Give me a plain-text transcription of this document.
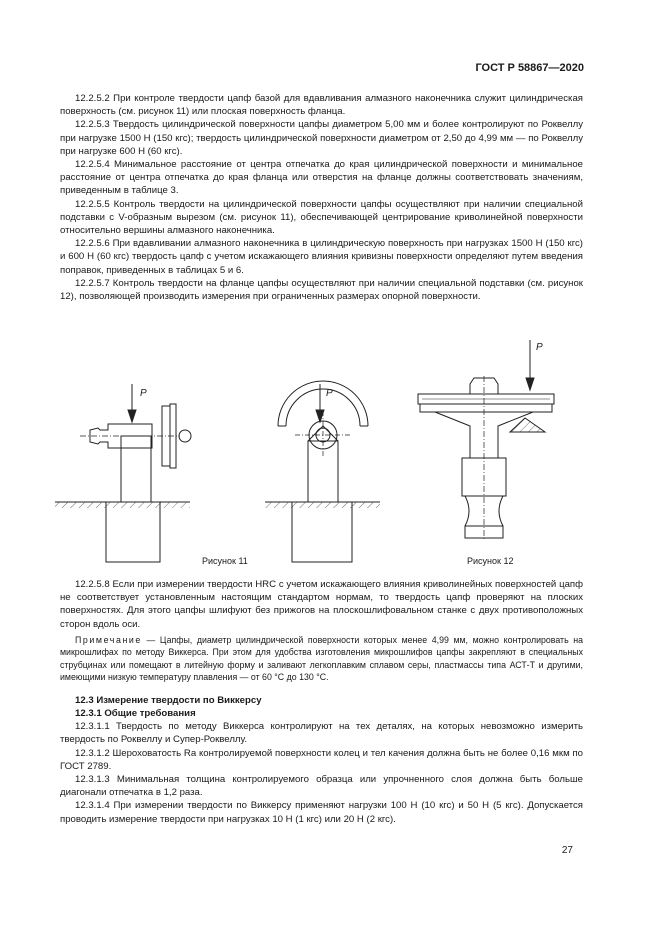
ГОСТ Р 58867—2020

12.2.5.2 При контроле твердости цапф базой для вдавливания алмазного наконечника служит цилиндрическая поверхность (см. рисунок 11) или плоская поверхность фланца.

12.2.5.3 Твердость цилиндрической поверхности цапфы диаметром 5,00 мм и более контролируют по Роквеллу при нагрузке 1500 Н (150 кгс); твердость цилиндрической поверхности диаметром от 2,50 до 4,99 мм — по Роквеллу при нагрузке 600 Н (60 кгс).

12.2.5.4 Минимальное расстояние от центра отпечатка до края цилиндрической поверхности и минимальное расстояние от центра отпечатка до края фланца или отверстия на фланце должны соответствовать значениям, приведенным в таблице 3.

12.2.5.5 Контроль твердости на цилиндрической поверхности цапфы осуществляют при наличии специальной подставки с V-образным вырезом (см. рисунок 11), обеспечивающей центрирование криволинейной поверхности относительно вершины алмазного наконечника.

12.2.5.6 При вдавливании алмазного наконечника в цилиндрическую поверхность при нагрузках 1500 Н (150 кгс) и 600 Н (60 кгс) твердость цапф с учетом искажающего влияния кривизны поверхности определяют путем введения поправок, приведенных в таблицах 5 и 6.

12.2.5.7 Контроль твердости на фланце цапфы осуществляют при наличии специальной подставки (см. рисунок 12), позволяющей производить измерения при ограниченных размерах опорной поверхности.

P	P
P
Рисунок 11	Рисунок 12

12.2.5.8 Если при измерении твердости HRC с учетом искажающего влияния криволинейных поверхностей цапф не соответствует установленным настоящим стандартом нормам, то твердость цапф проверяют на плоских поверхностях. Для этого цапфы шлифуют без прижогов на плоскошлифовальном станке с двух противоположных сторон вдоль оси.

Примечание — Цапфы, диаметр цилиндрической поверхности которых менее 4,99 мм, можно контролировать на микрошлифах по методу Виккерса. При этом для удобства изготовления микрошлифов цапфы закрепляют в специальных струбцинах или помещают в литейную форму и заливают легкоплавким сплавом серы, пластмассы типа АСТ-Т и другими, имеющими низкую температуру плавления — от 60 °С до 130 °С.

12.3 Измерение твердости по Виккерсу

12.3.1 Общие требования

12.3.1.1 Твердость по методу Виккерса контролируют на тех деталях, на которых невозможно измерить твердость по Роквеллу и Супер-Роквеллу.

12.3.1.2 Шероховатость Ra контролируемой поверхности колец и тел качения должна быть не более 0,16 мкм по ГОСТ 2789.

12.3.1.3 Минимальная толщина контролируемого образца или упрочненного слоя должна быть больше диагонали отпечатка в 1,2 раза.

12.3.1.4 При измерении твердости по Виккерсу применяют нагрузки 100 Н (10 кгс) и 50 Н (5 кгс). Допускается проводить измерение твердости при нагрузках 10 Н (1 кгс) или 20 Н (2 кгс).

27
